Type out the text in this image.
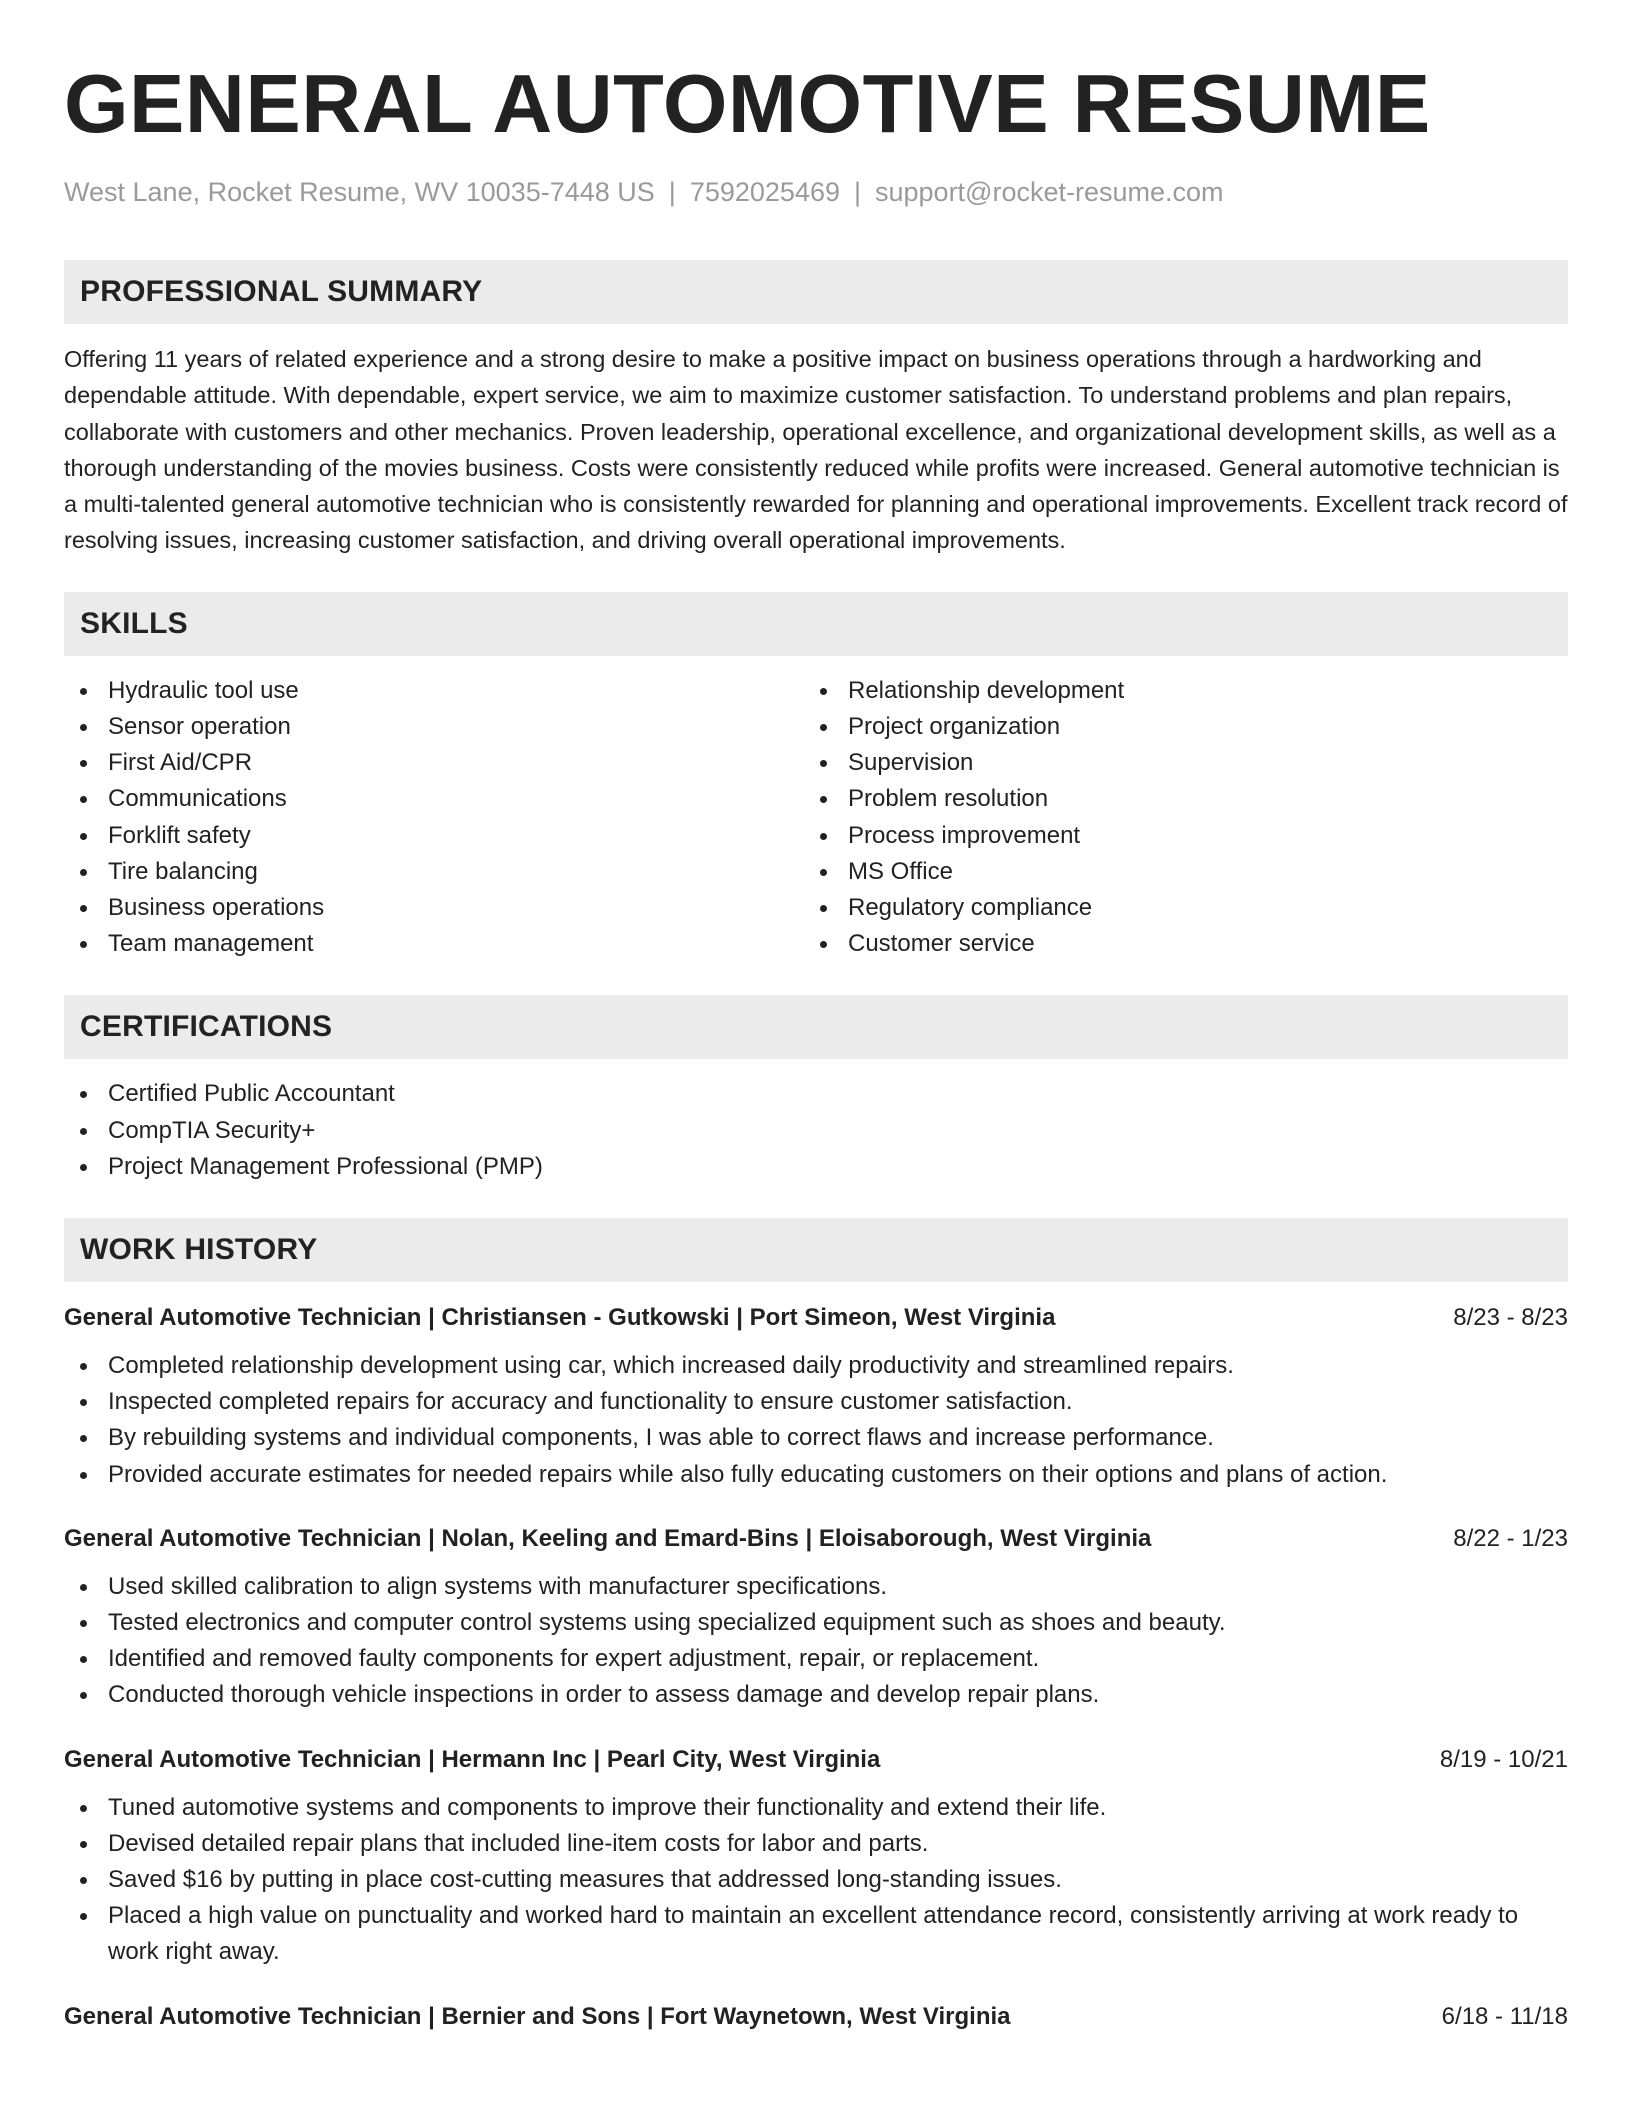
GENERAL AUTOMOTIVE RESUME
West Lane, Rocket Resume, WV 10035-7448 US | 7592025469 | support@rocket-resume.com
PROFESSIONAL SUMMARY
Offering 11 years of related experience and a strong desire to make a positive impact on business operations through a hardworking and dependable attitude. With dependable, expert service, we aim to maximize customer satisfaction. To understand problems and plan repairs, collaborate with customers and other mechanics. Proven leadership, operational excellence, and organizational development skills, as well as a thorough understanding of the movies business. Costs were consistently reduced while profits were increased. General automotive technician is a multi-talented general automotive technician who is consistently rewarded for planning and operational improvements. Excellent track record of resolving issues, increasing customer satisfaction, and driving overall operational improvements.
SKILLS
Hydraulic tool use
Sensor operation
First Aid/CPR
Communications
Forklift safety
Tire balancing
Business operations
Team management
Relationship development
Project organization
Supervision
Problem resolution
Process improvement
MS Office
Regulatory compliance
Customer service
CERTIFICATIONS
Certified Public Accountant
CompTIA Security+
Project Management Professional (PMP)
WORK HISTORY
General Automotive Technician | Christiansen - Gutkowski | Port Simeon, West Virginia	8/23 - 8/23
Completed relationship development using car, which increased daily productivity and streamlined repairs.
Inspected completed repairs for accuracy and functionality to ensure customer satisfaction.
By rebuilding systems and individual components, I was able to correct flaws and increase performance.
Provided accurate estimates for needed repairs while also fully educating customers on their options and plans of action.
General Automotive Technician | Nolan, Keeling and Emard-Bins | Eloisaborough, West Virginia	8/22 - 1/23
Used skilled calibration to align systems with manufacturer specifications.
Tested electronics and computer control systems using specialized equipment such as shoes and beauty.
Identified and removed faulty components for expert adjustment, repair, or replacement.
Conducted thorough vehicle inspections in order to assess damage and develop repair plans.
General Automotive Technician | Hermann Inc | Pearl City, West Virginia	8/19 - 10/21
Tuned automotive systems and components to improve their functionality and extend their life.
Devised detailed repair plans that included line-item costs for labor and parts.
Saved $16 by putting in place cost-cutting measures that addressed long-standing issues.
Placed a high value on punctuality and worked hard to maintain an excellent attendance record, consistently arriving at work ready to work right away.
General Automotive Technician | Bernier and Sons | Fort Waynetown, West Virginia	6/18 - 11/18
